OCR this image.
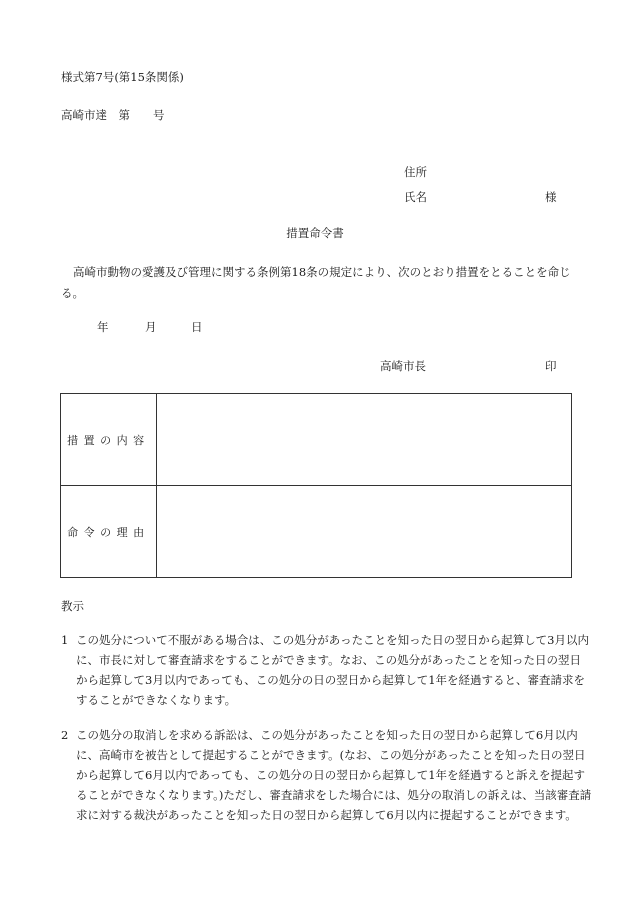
様式第7号(第15条関係)
高崎市達　第　　号
住所
氏名	様
措置命令書
高崎市動物の愛護及び管理に関する条例第18条の規定により、次のとおり措置をとることを命じる。
年	月	日
高崎市長	印
措置の内容	
命令の理由	
教示
1 この処分について不服がある場合は、この処分があったことを知った日の翌日から起算して3月以内に、市長に対して審査請求をすることができます。なお、この処分があったことを知った日の翌日から起算して3月以内であっても、この処分の日の翌日から起算して1年を経過すると、審査請求をすることができなくなります。
2 この処分の取消しを求める訴訟は、この処分があったことを知った日の翌日から起算して6月以内に、高崎市を被告として提起することができます。(なお、この処分があったことを知った日の翌日から起算して6月以内であっても、この処分の日の翌日から起算して1年を経過すると訴えを提起することができなくなります。)ただし、審査請求をした場合には、処分の取消しの訴えは、当該審査請求に対する裁決があったことを知った日の翌日から起算して6月以内に提起することができます。
